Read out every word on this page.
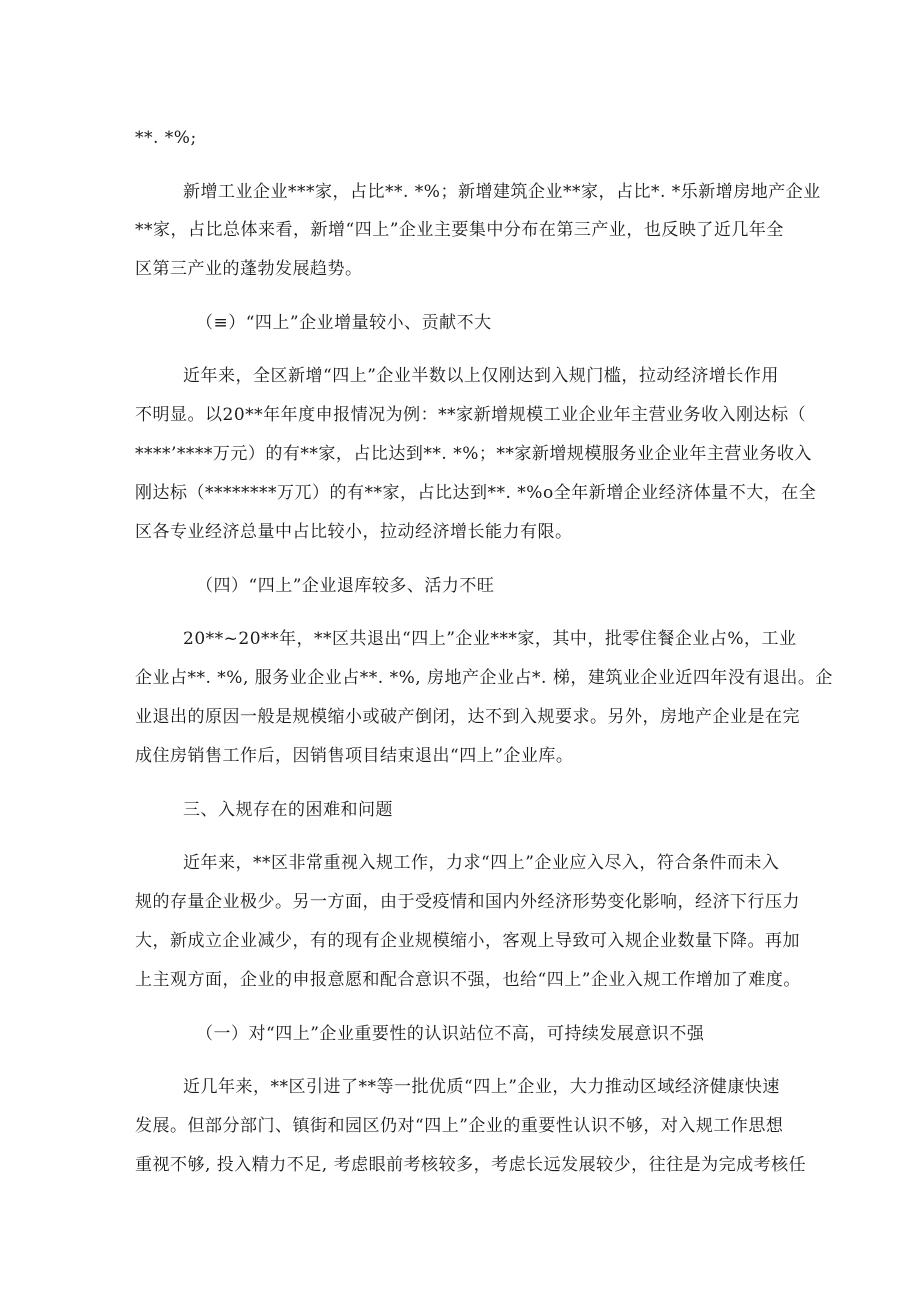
**. *%;
新增工业企业***家，占比**. *%；新增建筑企业**家，占比*. *乐新增房地产企业
**家，占比总体来看，新增“四上”企业主要集中分布在第三产业，也反映了近几年全
区第三产业的蓬勃发展趋势。
（≡）“四上”企业增量较小、贡献不大
近年来，全区新增“四上”企业半数以上仅刚达到入规门槛，拉动经济增长作用
不明显。以20**年年度申报情况为例：**家新增规模工业企业年主营业务收入刚达标（
****’****万元）的有**家，占比达到**. *%；**家新增规模服务业企业年主营业务收入
刚达标（********万兀）的有**家，占比达到**. *%o全年新增企业经济体量不大，在全
区各专业经济总量中占比较小，拉动经济增长能力有限。
（四）“四上”企业退库较多、活力不旺
20**~20**年，**区共退出“四上”企业***家，其中，批零住餐企业占%，工业
企业占**. *%, 服务业企业占**. *%, 房地产企业占*. 梯，建筑业企业近四年没有退出。企
业退出的原因一般是规模缩小或破产倒闭，达不到入规要求。另外，房地产企业是在完
成住房销售工作后，因销售项目结束退出“四上”企业库。
三、入规存在的困难和问题
近年来，**区非常重视入规工作，力求“四上”企业应入尽入，符合条件而未入
规的存量企业极少。另一方面，由于受疫情和国内外经济形势变化影响，经济下行压力
大，新成立企业减少，有的现有企业规模缩小，客观上导致可入规企业数量下降。再加
上主观方面，企业的申报意愿和配合意识不强，也给“四上”企业入规工作增加了难度。
（一）对“四上”企业重要性的认识站位不高，可持续发展意识不强
近几年来，**区引进了**等一批优质“四上”企业，大力推动区域经济健康快速
发展。但部分部门、镇街和园区仍对“四上”企业的重要性认识不够，对入规工作思想
重视不够, 投入精力不足, 考虑眼前考核较多，考虑长远发展较少，往往是为完成考核任
